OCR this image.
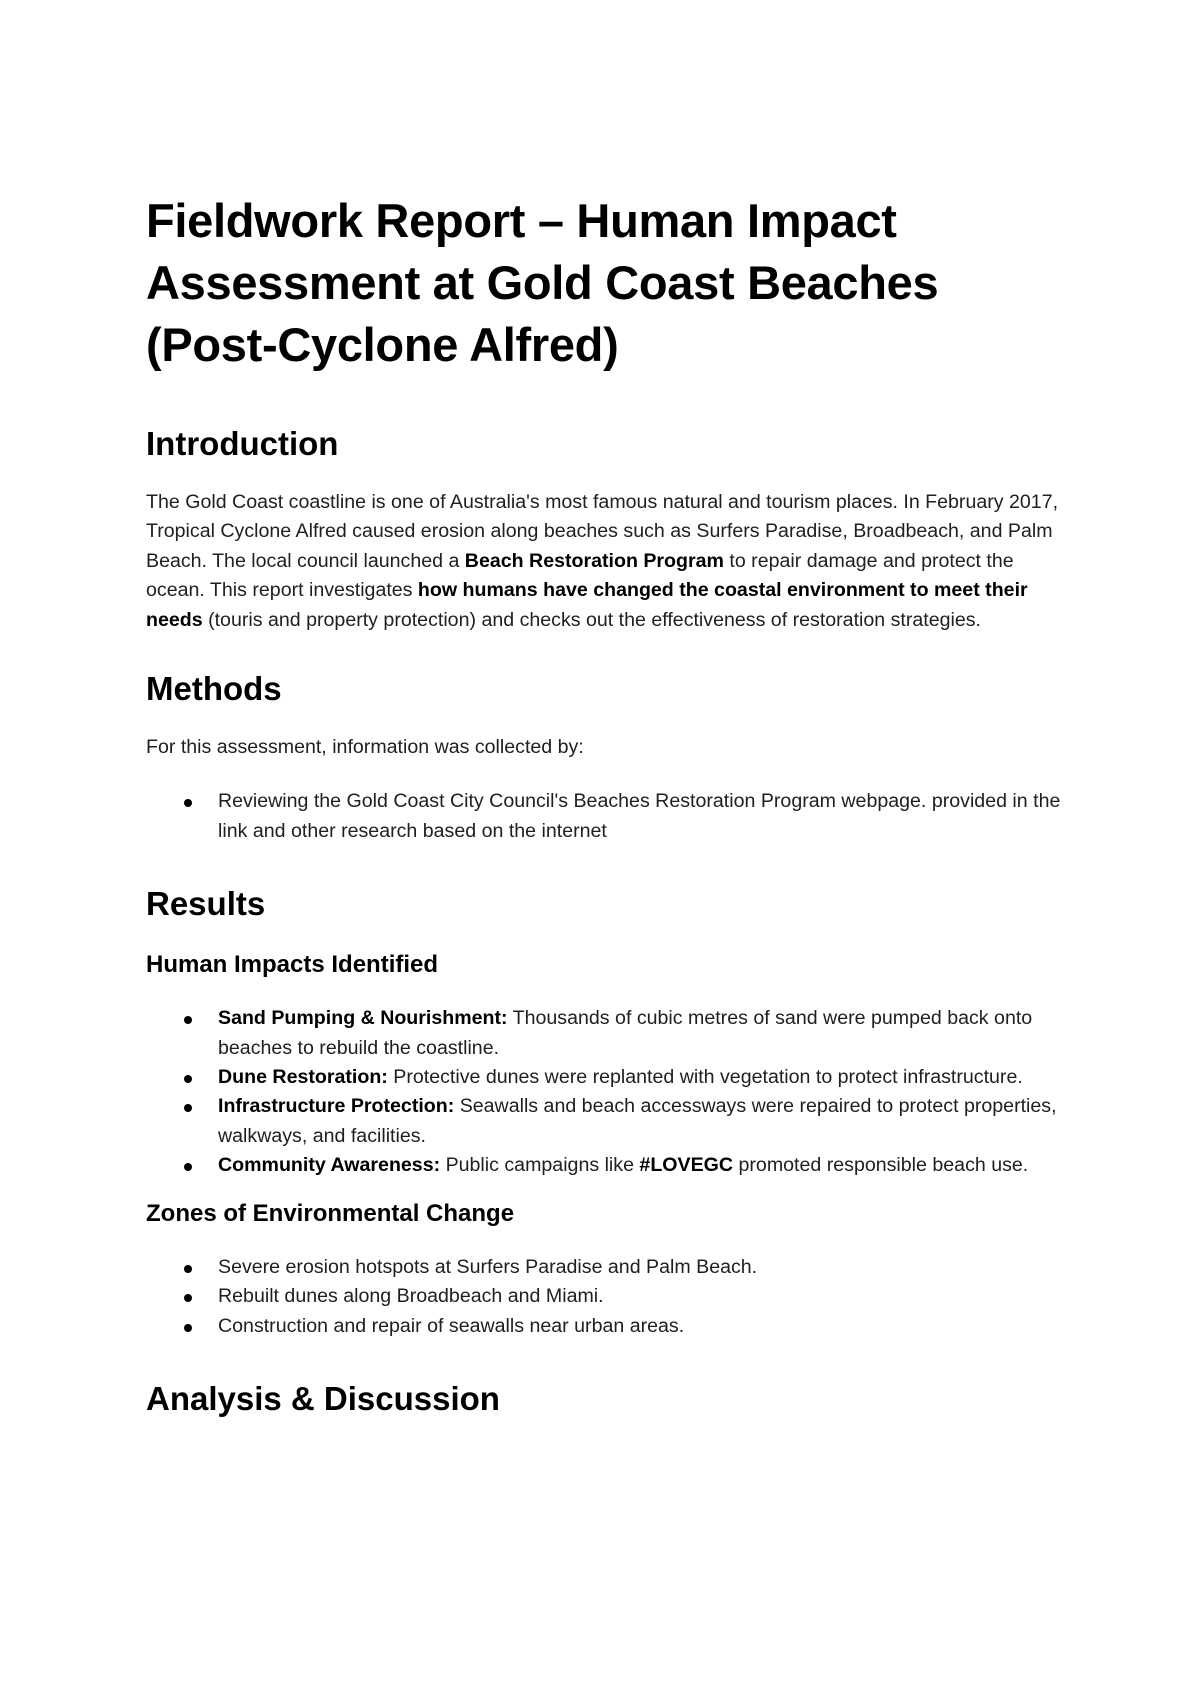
Fieldwork Report – Human Impact Assessment at Gold Coast Beaches (Post-Cyclone Alfred)
Introduction

The Gold Coast coastline is one of Australia's most famous natural and tourism places. In February 2017, Tropical Cyclone Alfred caused erosion along beaches such as Surfers Paradise, Broadbeach, and Palm Beach. The local council launched a Beach Restoration Program to repair damage and protect the ocean. This report investigates how humans have changed the coastal environment to meet their needs (touris and property protection) and checks out the effectiveness of restoration strategies.

Methods

For this assessment, information was collected by:

Reviewing the Gold Coast City Council's Beaches Restoration Program webpage. provided in the link and other research based on the internet
Results
Human Impacts Identified
Sand Pumping & Nourishment: Thousands of cubic metres of sand were pumped back onto beaches to rebuild the coastline.
Dune Restoration: Protective dunes were replanted with vegetation to protect infrastructure.
Infrastructure Protection: Seawalls and beach accessways were repaired to protect properties, walkways, and facilities.
Community Awareness: Public campaigns like #LOVEGC promoted responsible beach use.
Zones of Environmental Change
Severe erosion hotspots at Surfers Paradise and Palm Beach.
Rebuilt dunes along Broadbeach and Miami.
Construction and repair of seawalls near urban areas.
Analysis & Discussion
